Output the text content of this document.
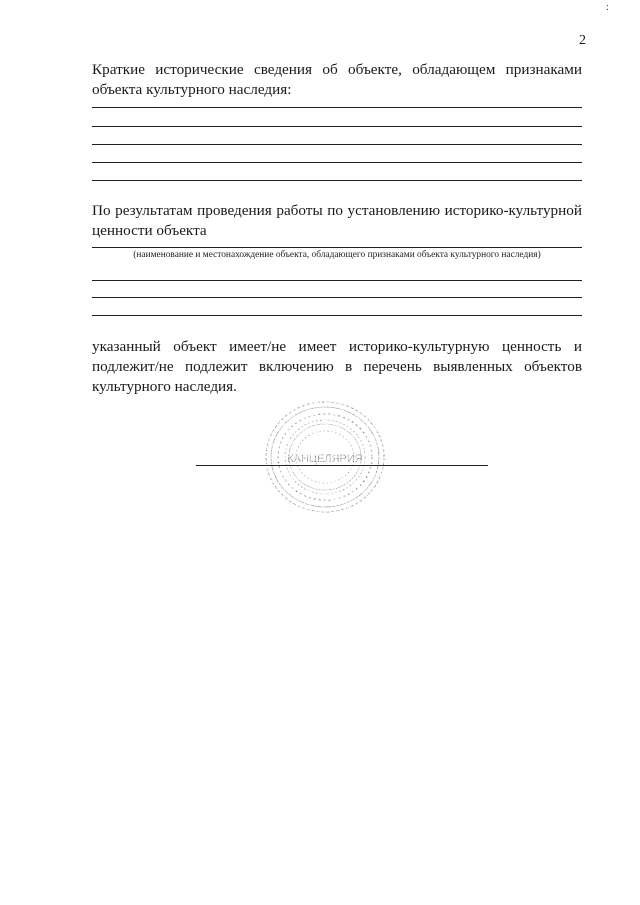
:
2
Краткие исторические сведения об объекте, обладающем признаками объекта культурного наследия:
По результатам проведения работы по установлению историко-культурной ценности объекта
(наименование и местонахождение объекта, обладающего признаками объекта культурного наследия)
указанный объект имеет/не имеет историко-культурную ценность и подлежит/не подлежит включению в перечень выявленных объектов культурного наследия.
КАНЦЕЛЯРИЯ
